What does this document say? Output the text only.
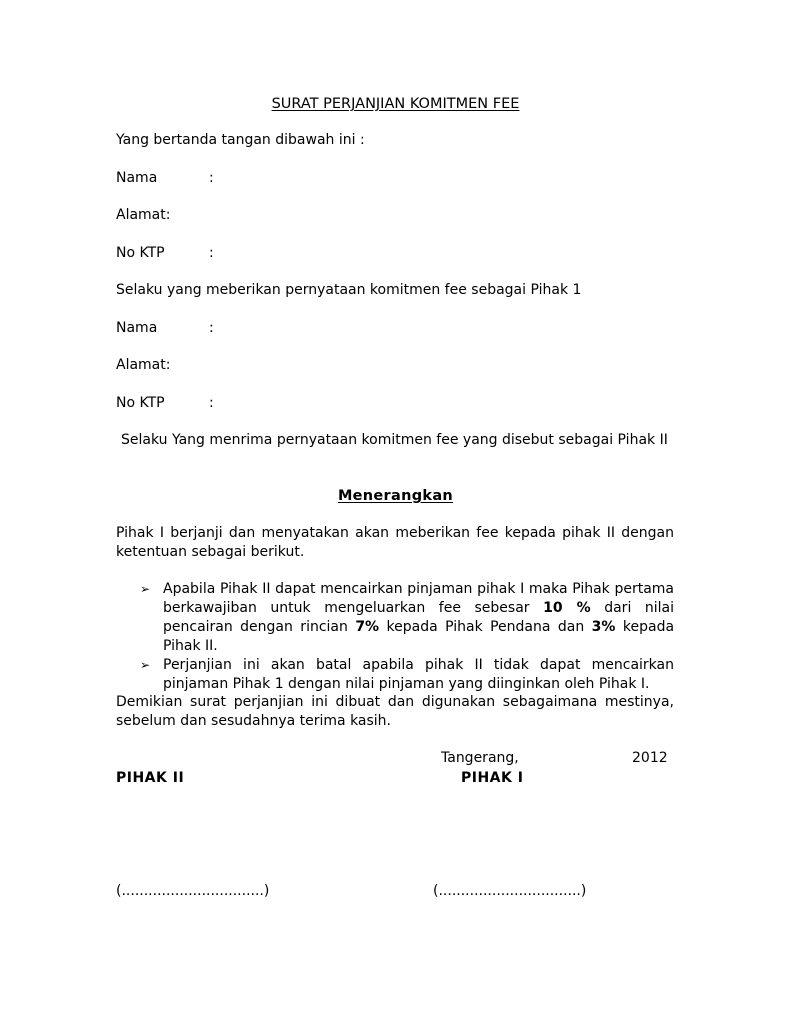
SURAT PERJANJIAN KOMITMEN FEE
Yang bertanda tangan dibawah ini :
Nama	:
Alamat:
No KTP	:
Selaku yang meberikan pernyataan komitmen fee sebagai Pihak 1
Nama	:
Alamat:
No KTP	:
Selaku Yang menrima pernyataan komitmen fee yang disebut sebagai Pihak II
Menerangkan
Pihak I berjanji dan menyatakan akan meberikan fee kepada pihak II dengan
ketentuan sebagai berikut.
➢ Apabila Pihak II dapat mencairkan pinjaman pihak I maka Pihak pertama berkawajiban untuk mengeluarkan fee sebesar 10 % dari nilai pencairan dengan rincian 7% kepada Pihak Pendana dan 3% kepada Pihak II.
➢ Perjanjian ini akan batal apabila pihak II tidak dapat mencairkan pinjaman Pihak 1 dengan nilai pinjaman yang diinginkan oleh Pihak I.
Demikian surat perjanjian ini dibuat dan digunakan sebagaimana mestinya, sebelum dan sesudahnya terima kasih.
Tangerang,	2012
PIHAK II	PIHAK I
(................................)	(................................)
